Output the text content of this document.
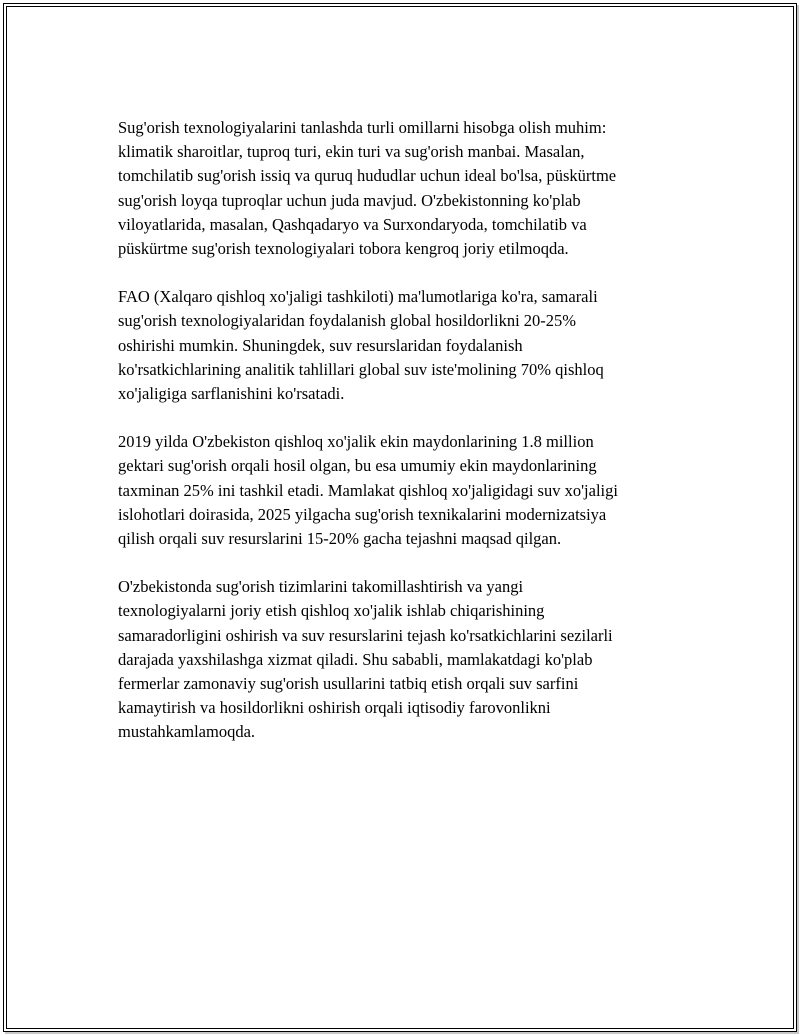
Sug'orish texnologiyalarini tanlashda turli omillarni hisobga olish muhim:
klimatik sharoitlar, tuproq turi, ekin turi va sug'orish manbai. Masalan,
tomchilatib sug'orish issiq va quruq hududlar uchun ideal bo'lsa, püskürtme
sug'orish loyqa tuproqlar uchun juda mavjud. O'zbekistonning ko'plab
viloyatlarida, masalan, Qashqadaryo va Surxondaryoda, tomchilatib va
püskürtme sug'orish texnologiyalari tobora kengroq joriy etilmoqda.

FAO (Xalqaro qishloq xo'jaligi tashkiloti) ma'lumotlariga ko'ra, samarali
sug'orish texnologiyalaridan foydalanish global hosildorlikni 20-25%
oshirishi mumkin. Shuningdek, suv resurslaridan foydalanish
ko'rsatkichlarining analitik tahlillari global suv iste'molining 70% qishloq
xo'jaligiga sarflanishini ko'rsatadi.

2019 yilda O'zbekiston qishloq xo'jalik ekin maydonlarining 1.8 million
gektari sug'orish orqali hosil olgan, bu esa umumiy ekin maydonlarining
taxminan 25% ini tashkil etadi. Mamlakat qishloq xo'jaligidagi suv xo'jaligi
islohotlari doirasida, 2025 yilgacha sug'orish texnikalarini modernizatsiya
qilish orqali suv resurslarini 15-20% gacha tejashni maqsad qilgan.

O'zbekistonda sug'orish tizimlarini takomillashtirish va yangi
texnologiyalarni joriy etish qishloq xo'jalik ishlab chiqarishining
samaradorligini oshirish va suv resurslarini tejash ko'rsatkichlarini sezilarli
darajada yaxshilashga xizmat qiladi. Shu sababli, mamlakatdagi ko'plab
fermerlar zamonaviy sug'orish usullarini tatbiq etish orqali suv sarfini
kamaytirish va hosildorlikni oshirish orqali iqtisodiy farovonlikni
mustahkamlamoqda.
